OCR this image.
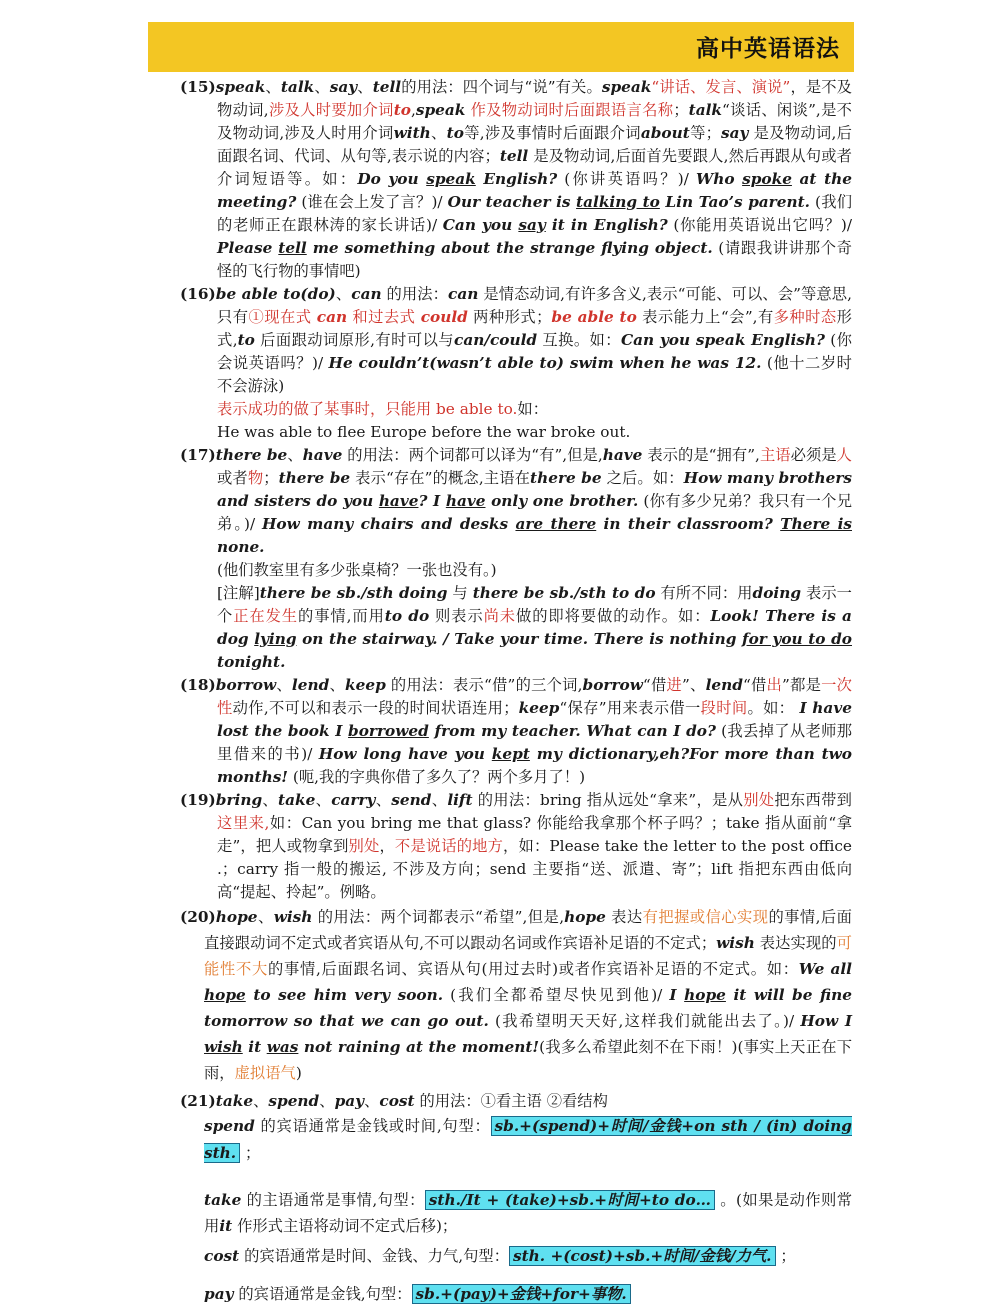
高中英语语法

(15)speak、talk、say、tell的用法：四个词与“说”有关。speak“讲话、发言、演说”，是不及物动词,涉及人时要加介词to,speak 作及物动词时后面跟语言名称；talk“谈话、闲谈”,是不及物动词,涉及人时用介词with、to等,涉及事情时后面跟介词about等；say 是及物动词,后面跟名词、代词、从句等,表示说的内容；tell 是及物动词,后面首先要跟人,然后再跟从句或者介词短语等。如：Do you speak English? (你讲英语吗？)/ Who spoke at the meeting? (谁在会上发了言？)/ Our teacher is talking to Lin Tao’s parent. (我们的老师正在跟林涛的家长讲话)/ Can you say it in English? (你能用英语说出它吗？)/ Please tell me something about the strange flying object. (请跟我讲讲那个奇怪的飞行物的事情吧)

(16)be able to(do)、can 的用法：can 是情态动词,有许多含义,表示“可能、可以、会”等意思,只有①现在式 can 和过去式 could 两种形式；be able to 表示能力上“会”,有多种时态形式,to 后面跟动词原形,有时可以与can/could 互换。如：Can you speak English? (你会说英语吗？)/ He couldn’t(wasn’t able to) swim when he was 12. (他十二岁时不会游泳)

表示成功的做了某事时，只能用 be able to.如：
He was able to flee Europe before the war broke out.

(17)there be、have 的用法：两个词都可以译为“有”,但是,have 表示的是“拥有”,主语必须是人或者物；there be 表示“存在”的概念,主语在there be 之后。如：How many brothers and sisters do you have? I have only one brother. (你有多少兄弟？我只有一个兄弟。)/ How many chairs and desks are there in their classroom? There is none.
(他们教室里有多少张桌椅？一张也没有。)

[注解]there be sb./sth doing 与 there be sb./sth to do 有所不同：用doing 表示一个正在发生的事情,而用to do 则表示尚未做的即将要做的动作。如：Look! There is a dog lying on the stairway. / Take your time. There is nothing for you to do tonight.

(18)borrow、lend、keep 的用法：表示“借”的三个词,borrow“借进”、lend“借出”都是一次性动作,不可以和表示一段的时间状语连用；keep“保存”用来表示借一段时间。如： I have lost the book I borrowed from my teacher. What can I do? (我丢掉了从老师那里借来的书)/ How long have you kept my dictionary,eh?For more than two months! (呃,我的字典你借了多久了？两个多月了！)

(19)bring、take、carry、send、lift 的用法：bring 指从远处“拿来”，是从别处把东西带到这里来,如：Can you bring me that glass? 你能给我拿那个杯子吗？；take 指从面前“拿走”，把人或物拿到别处，不是说话的地方，如：Please take the letter to the post office .；carry 指一般的搬运, 不涉及方向；send 主要指“送、派遣、寄”；lift 指把东西由低向高“提起、拎起”。例略。

(20)hope、wish 的用法：两个词都表示“希望”,但是,hope 表达有把握或信心实现的事情,后面直接跟动词不定式或者宾语从句,不可以跟动名词或作宾语补足语的不定式；wish 表达实现的可能性不大的事情,后面跟名词、宾语从句(用过去时)或者作宾语补足语的不定式。如：We all hope to see him very soon. (我们全都希望尽快见到他)/ I hope it will be fine tomorrow so that we can go out. (我希望明天天好,这样我们就能出去了。)/ How I wish it was not raining at the moment!(我多么希望此刻不在下雨！)(事实上天正在下雨，虚拟语气)

(21)take、spend、pay、cost 的用法：①看主语 ②看结构

spend 的宾语通常是金钱或时间,句型： sb.+(spend)+时间/金钱+on sth / (in) doing sth. ；

take 的主语通常是事情,句型： sth./It + (take)+sb.+时间+to do… 。(如果是动作则常用it 作形式主语将动词不定式后移)；

cost 的宾语通常是时间、金钱、力气,句型： sth. +(cost)+sb.+时间/金钱/力气. ；

pay 的宾语通常是金钱,句型： sb.+(pay)+金钱+for+事物.
